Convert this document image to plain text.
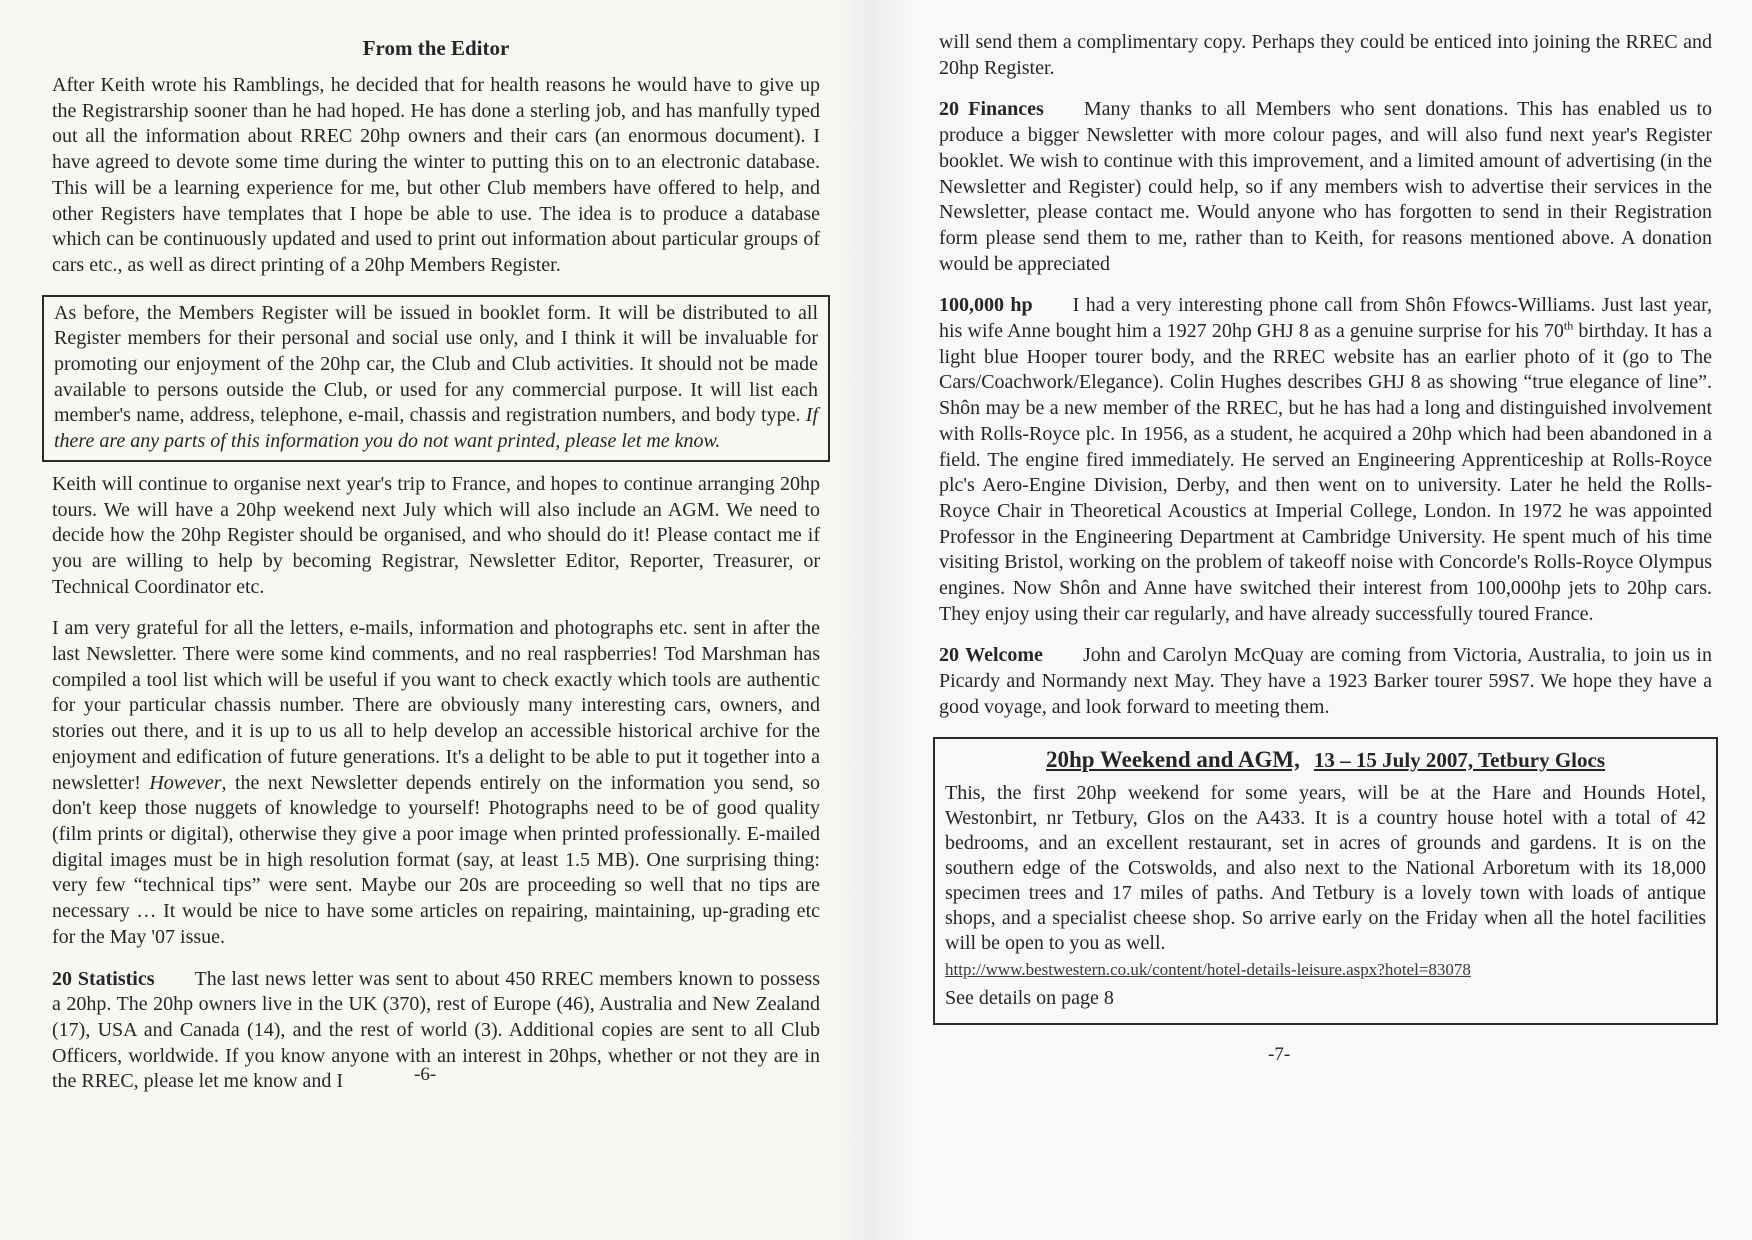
From the Editor

After Keith wrote his Ramblings, he decided that for health reasons he would have to give up the Registrarship sooner than he had hoped. He has done a sterling job, and has manfully typed out all the information about RREC 20hp owners and their cars (an enormous document). I have agreed to devote some time during the winter to putting this on to an electronic database. This will be a learning experience for me, but other Club members have offered to help, and other Registers have templates that I hope be able to use. The idea is to produce a database which can be continuously updated and used to print out information about particular groups of cars etc., as well as direct printing of a 20hp Members Register.

As before, the Members Register will be issued in booklet form. It will be distributed to all Register members for their personal and social use only, and I think it will be invaluable for promoting our enjoyment of the 20hp car, the Club and Club activities. It should not be made available to persons outside the Club, or used for any commercial purpose. It will list each member's name, address, telephone, e-mail, chassis and registration numbers, and body type. If there are any parts of this information you do not want printed, please let me know.

Keith will continue to organise next year's trip to France, and hopes to continue arranging 20hp tours. We will have a 20hp weekend next July which will also include an AGM. We need to decide how the 20hp Register should be organised, and who should do it! Please contact me if you are willing to help by becoming Registrar, Newsletter Editor, Reporter, Treasurer, or Technical Coordinator etc.

I am very grateful for all the letters, e-mails, information and photographs etc. sent in after the last Newsletter. There were some kind comments, and no real raspberries! Tod Marshman has compiled a tool list which will be useful if you want to check exactly which tools are authentic for your particular chassis number. There are obviously many interesting cars, owners, and stories out there, and it is up to us all to help develop an accessible historical archive for the enjoyment and edification of future generations. It's a delight to be able to put it together into a newsletter! However, the next Newsletter depends entirely on the information you send, so don't keep those nuggets of knowledge to yourself! Photographs need to be of good quality (film prints or digital), otherwise they give a poor image when printed professionally. E-mailed digital images must be in high resolution format (say, at least 1.5 MB). One surprising thing: very few “technical tips” were sent. Maybe our 20s are proceeding so well that no tips are necessary … It would be nice to have some articles on repairing, maintaining, up-grading etc for the May '07 issue.

20 Statistics The last news letter was sent to about 450 RREC members known to possess a 20hp. The 20hp owners live in the UK (370), rest of Europe (46), Australia and New Zealand (17), USA and Canada (14), and the rest of world (3). Additional copies are sent to all Club Officers, worldwide. If you know anyone with an interest in 20hps, whether or not they are in the RREC, please let me know and I	-6-

will send them a complimentary copy. Perhaps they could be enticed into joining the RREC and 20hp Register.

20 Finances Many thanks to all Members who sent donations. This has enabled us to produce a bigger Newsletter with more colour pages, and will also fund next year's Register booklet. We wish to continue with this improvement, and a limited amount of advertising (in the Newsletter and Register) could help, so if any members wish to advertise their services in the Newsletter, please contact me. Would anyone who has forgotten to send in their Registration form please send them to me, rather than to Keith, for reasons mentioned above. A donation would be appreciated

100,000 hp I had a very interesting phone call from Shôn Ffowcs-Williams. Just last year, his wife Anne bought him a 1927 20hp GHJ 8 as a genuine surprise for his 70th birthday. It has a light blue Hooper tourer body, and the RREC website has an earlier photo of it (go to The Cars/Coachwork/Elegance). Colin Hughes describes GHJ 8 as showing “true elegance of line”. Shôn may be a new member of the RREC, but he has had a long and distinguished involvement with Rolls-Royce plc. In 1956, as a student, he acquired a 20hp which had been abandoned in a field. The engine fired immediately. He served an Engineering Apprenticeship at Rolls-Royce plc's Aero-Engine Division, Derby, and then went on to university. Later he held the Rolls-Royce Chair in Theoretical Acoustics at Imperial College, London. In 1972 he was appointed Professor in the Engineering Department at Cambridge University. He spent much of his time visiting Bristol, working on the problem of takeoff noise with Concorde's Rolls-Royce Olympus engines. Now Shôn and Anne have switched their interest from 100,000hp jets to 20hp cars. They enjoy using their car regularly, and have already successfully toured France.

20 Welcome John and Carolyn McQuay are coming from Victoria, Australia, to join us in Picardy and Normandy next May. They have a 1923 Barker tourer 59S7. We hope they have a good voyage, and look forward to meeting them.

20hp Weekend and AGM, 13 – 15 July 2007, Tetbury Glocs

This, the first 20hp weekend for some years, will be at the Hare and Hounds Hotel, Westonbirt, nr Tetbury, Glos on the A433. It is a country house hotel with a total of 42 bedrooms, and an excellent restaurant, set in acres of grounds and gardens. It is on the southern edge of the Cotswolds, and also next to the National Arboretum with its 18,000 specimen trees and 17 miles of paths. And Tetbury is a lovely town with loads of antique shops, and a specialist cheese shop. So arrive early on the Friday when all the hotel facilities will be open to you as well.

http://www.bestwestern.co.uk/content/hotel-details-leisure.aspx?hotel=83078

See details on page 8

-7-
